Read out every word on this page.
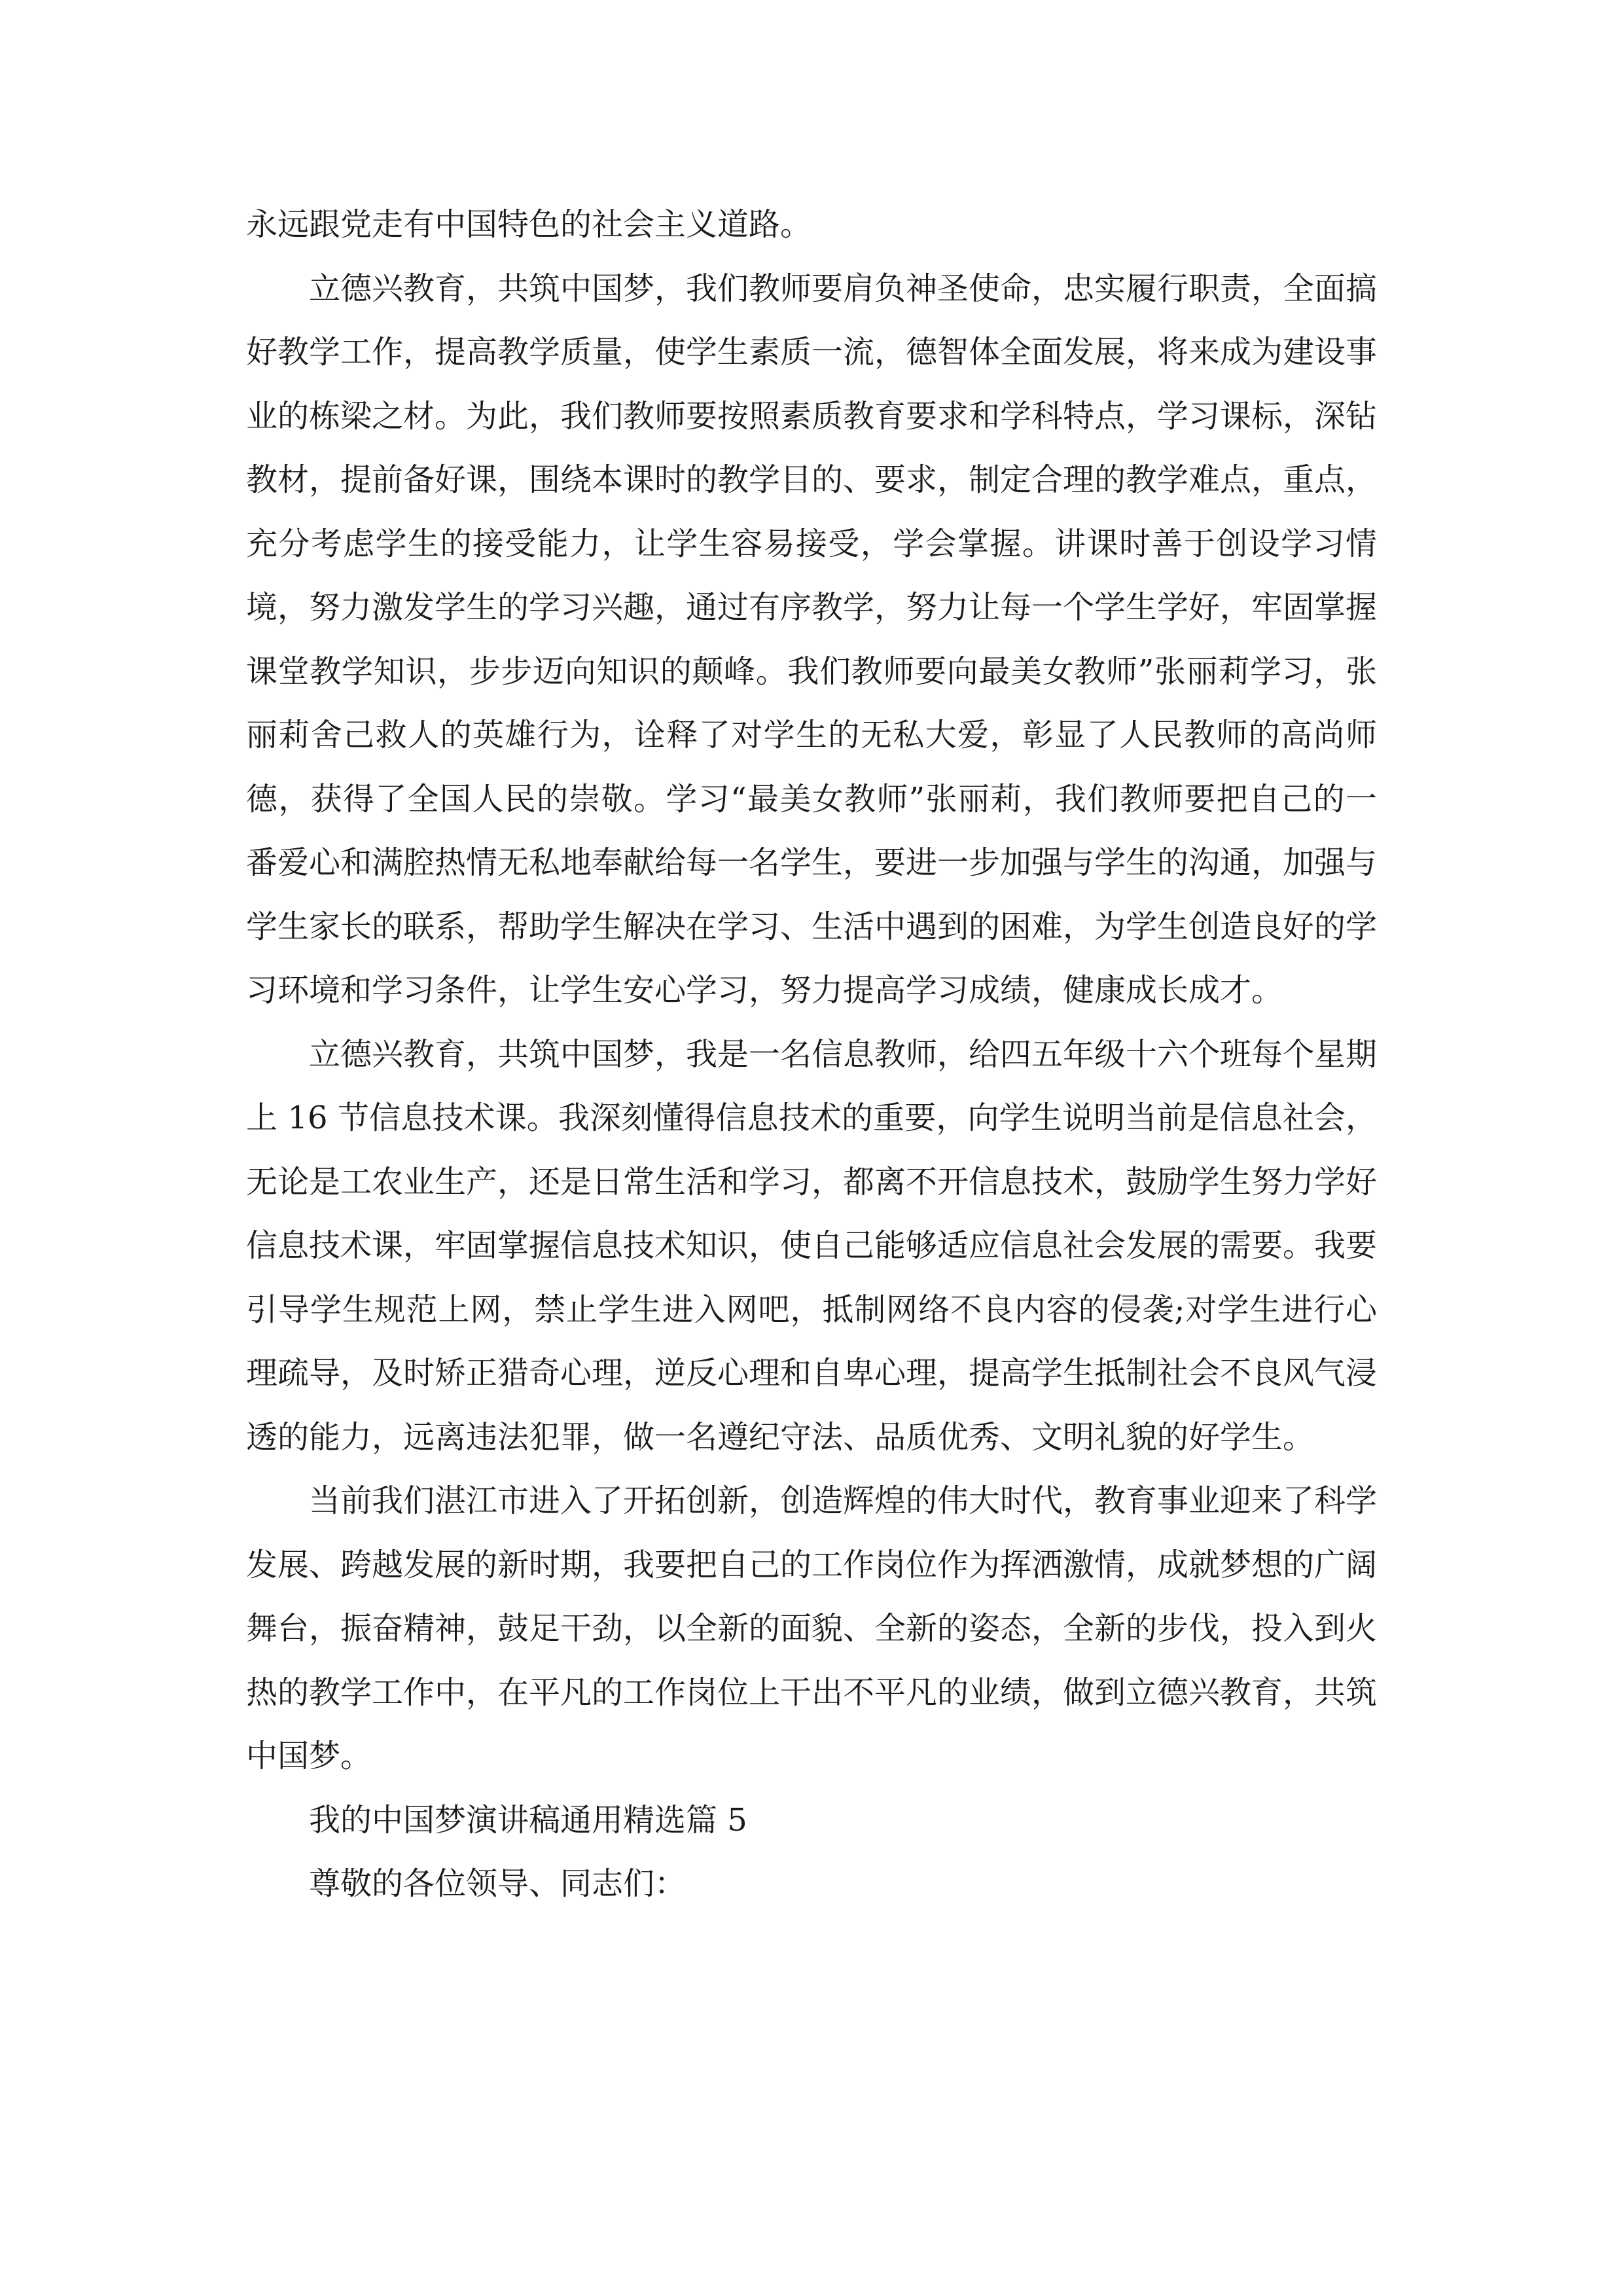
永远跟党走有中国特色的社会主义道路。

立德兴教育，共筑中国梦，我们教师要肩负神圣使命，忠实履行职责，全面搞好教学工作，提高教学质量，使学生素质一流，德智体全面发展，将来成为建设事业的栋梁之材。为此，我们教师要按照素质教育要求和学科特点，学习课标，深钻教材，提前备好课，围绕本课时的教学目的、要求，制定合理的教学难点，重点，充分考虑学生的接受能力，让学生容易接受，学会掌握。讲课时善于创设学习情境，努力激发学生的学习兴趣，通过有序教学，努力让每一个学生学好，牢固掌握课堂教学知识，步步迈向知识的颠峰。我们教师要向最美女教师”张丽莉学习，张丽莉舍己救人的英雄行为，诠释了对学生的无私大爱，彰显了人民教师的高尚师德，获得了全国人民的崇敬。学习“最美女教师”张丽莉，我们教师要把自己的一番爱心和满腔热情无私地奉献给每一名学生，要进一步加强与学生的沟通，加强与学生家长的联系，帮助学生解决在学习、生活中遇到的困难，为学生创造良好的学习环境和学习条件，让学生安心学习，努力提高学习成绩，健康成长成才。

立德兴教育，共筑中国梦，我是一名信息教师，给四五年级十六个班每个星期上 16 节信息技术课。我深刻懂得信息技术的重要，向学生说明当前是信息社会，无论是工农业生产，还是日常生活和学习，都离不开信息技术，鼓励学生努力学好信息技术课，牢固掌握信息技术知识，使自己能够适应信息社会发展的需要。我要引导学生规范上网，禁止学生进入网吧，抵制网络不良内容的侵袭;对学生进行心理疏导，及时矫正猎奇心理，逆反心理和自卑心理，提高学生抵制社会不良风气浸透的能力，远离违法犯罪，做一名遵纪守法、品质优秀、文明礼貌的好学生。

当前我们湛江市进入了开拓创新，创造辉煌的伟大时代，教育事业迎来了科学发展、跨越发展的新时期，我要把自己的工作岗位作为挥洒激情，成就梦想的广阔舞台，振奋精神，鼓足干劲，以全新的面貌、全新的姿态，全新的步伐，投入到火热的教学工作中，在平凡的工作岗位上干出不平凡的业绩，做到立德兴教育，共筑中国梦。

我的中国梦演讲稿通用精选篇 5

尊敬的各位领导、同志们：
